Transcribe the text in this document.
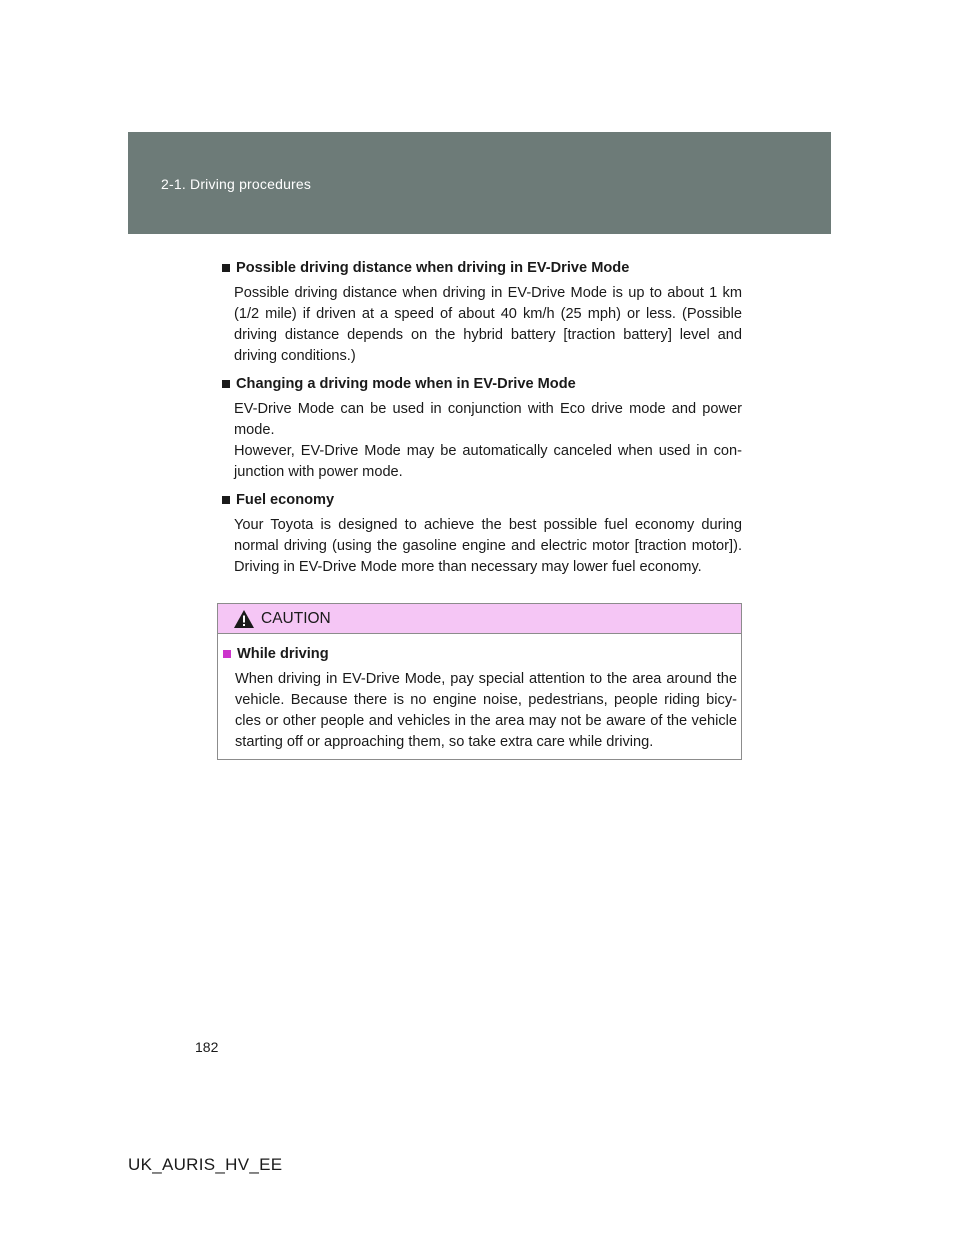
2-1. Driving procedures
Possible driving distance when driving in EV-Drive Mode
Possible driving distance when driving in EV-Drive Mode is up to about 1 km (1/2 mile) if driven at a speed of about 40 km/h (25 mph) or less. (Possible driving distance depends on the hybrid battery [traction battery] level and driving conditions.)
Changing a driving mode when in EV-Drive Mode
EV-Drive Mode can be used in conjunction with Eco drive mode and power mode.
However, EV-Drive Mode may be automatically canceled when used in con-junction with power mode.
Fuel economy
Your Toyota is designed to achieve the best possible fuel economy during normal driving (using the gasoline engine and electric motor [traction motor]). Driving in EV-Drive Mode more than necessary may lower fuel economy.
CAUTION
While driving
When driving in EV-Drive Mode, pay special attention to the area around the vehicle. Because there is no engine noise, pedestrians, people riding bicy-cles or other people and vehicles in the area may not be aware of the vehicle starting off or approaching them, so take extra care while driving.
182
UK_AURIS_HV_EE
